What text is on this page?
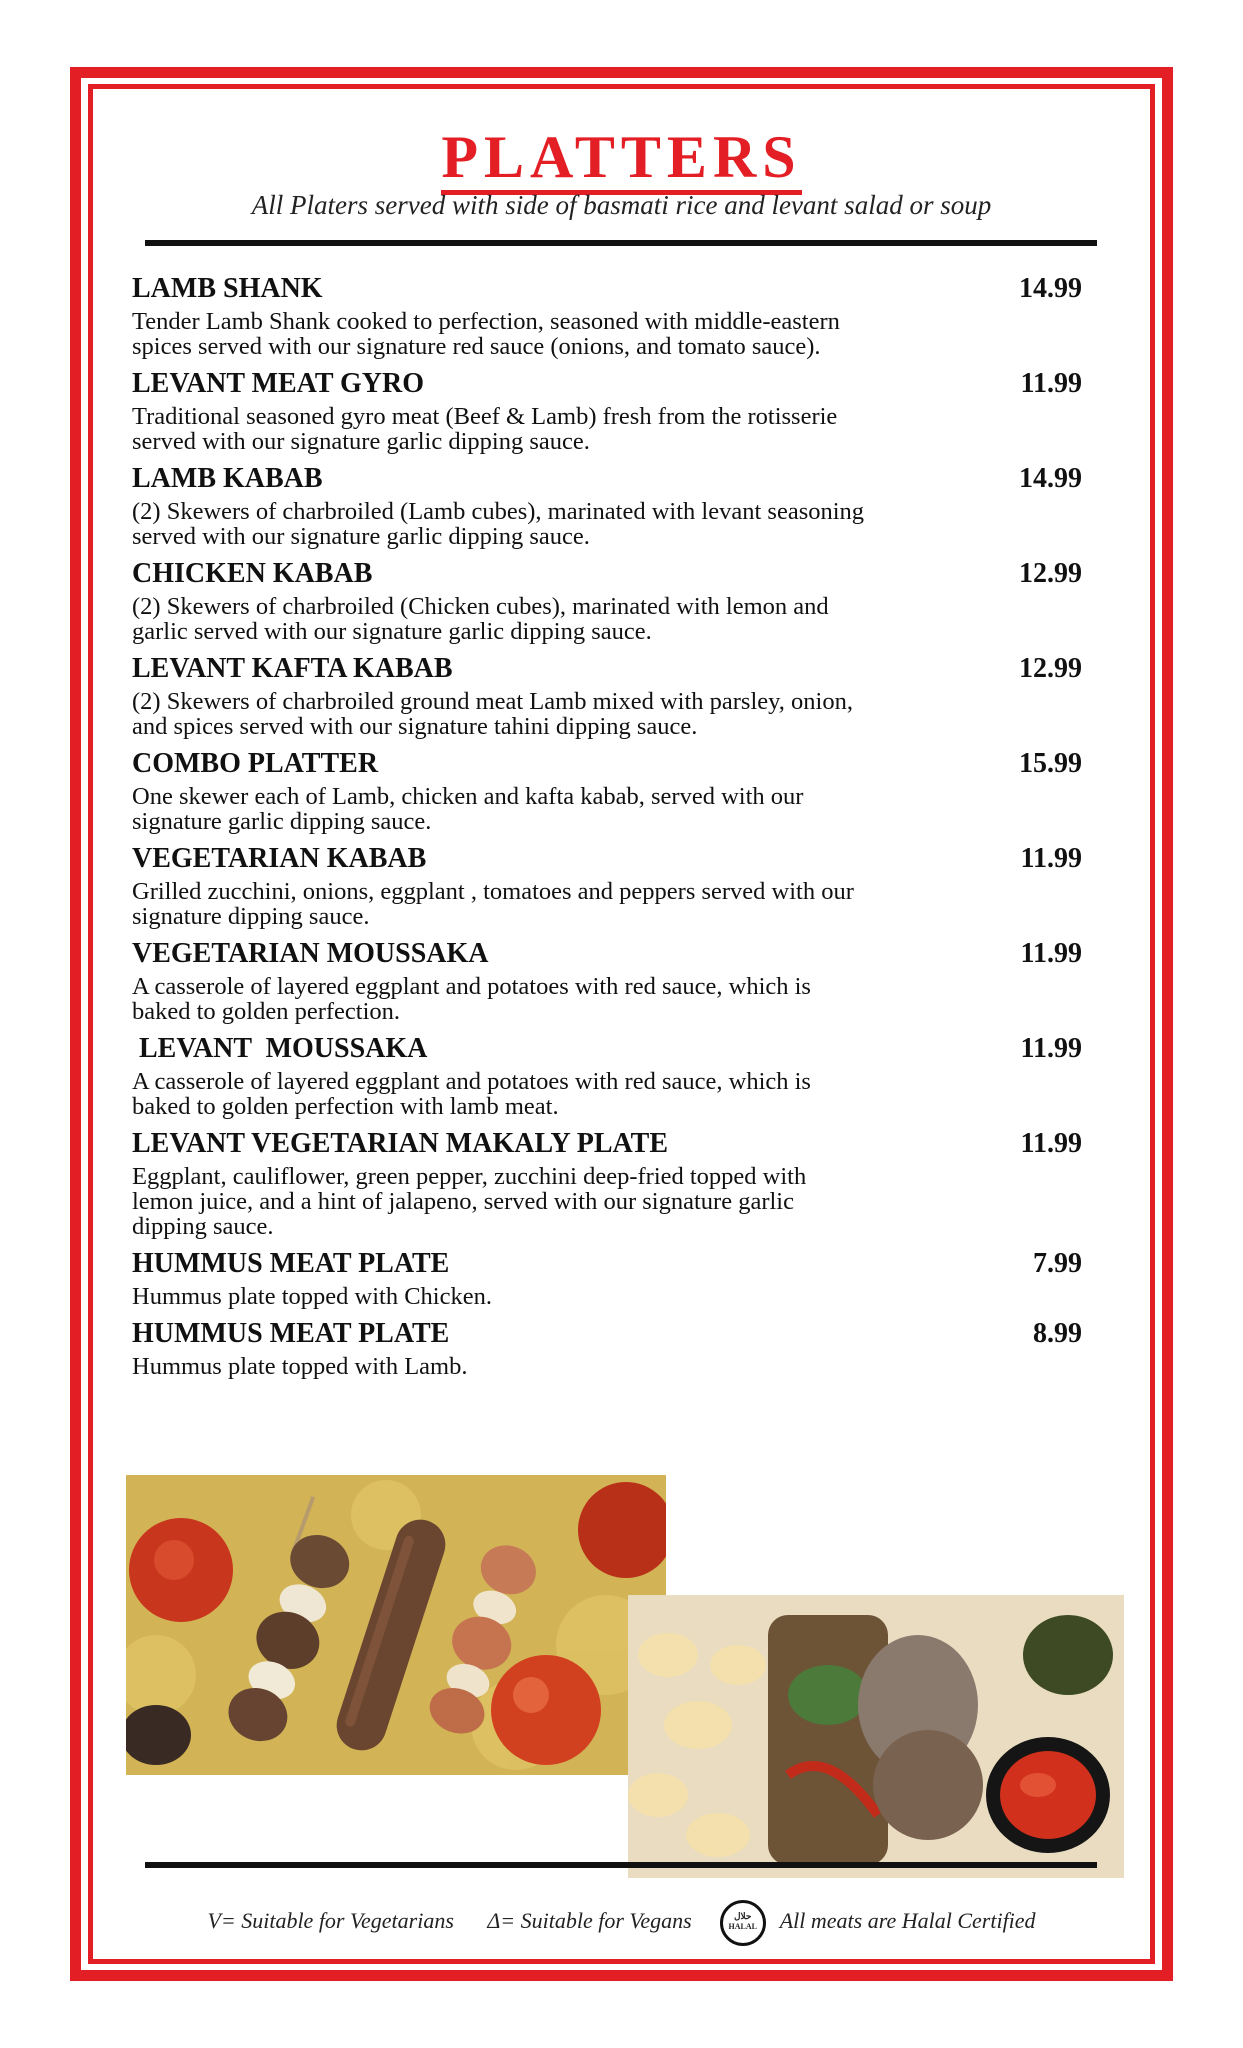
PLATTERS
All Platers served with side of basmati rice and levant salad or soup
LAMB SHANK	14.99
Tender Lamb Shank cooked to perfection, seasoned with middle-eastern spices served with our signature red sauce (onions, and tomato sauce).
LEVANT MEAT GYRO	11.99
Traditional seasoned gyro meat (Beef & Lamb) fresh from the rotisserie served with our signature garlic dipping sauce.
LAMB KABAB	14.99
(2) Skewers of charbroiled (Lamb cubes), marinated with levant seasoning served with our signature garlic dipping sauce.
CHICKEN KABAB	12.99
(2) Skewers of charbroiled (Chicken cubes), marinated with lemon and garlic served with our signature garlic dipping sauce.
LEVANT KAFTA KABAB	12.99
(2) Skewers of charbroiled ground meat Lamb mixed with parsley, onion, and spices served with our signature tahini dipping sauce.
COMBO PLATTER	15.99
One skewer each of Lamb, chicken and kafta kabab, served with our signature garlic dipping sauce.
VEGETARIAN KABAB	11.99
Grilled zucchini, onions, eggplant , tomatoes and peppers served with our signature dipping sauce.
VEGETARIAN MOUSSAKA	11.99
A casserole of layered eggplant and potatoes with red sauce, which is baked to golden perfection.
LEVANT  MOUSSAKA	11.99
A casserole of layered eggplant and potatoes with red sauce, which is baked to golden perfection with lamb meat.
LEVANT VEGETARIAN MAKALY PLATE	11.99
Eggplant, cauliflower, green pepper, zucchini deep-fried topped with lemon juice, and a hint of jalapeno, served with our signature garlic dipping sauce.
HUMMUS MEAT PLATE	7.99
Hummus plate topped with Chicken.
HUMMUS MEAT PLATE	8.99
Hummus plate topped with Lamb.
V= Suitable for Vegetarians Δ= Suitable for Vegans	حلال
HALAL All meats are Halal Certified
